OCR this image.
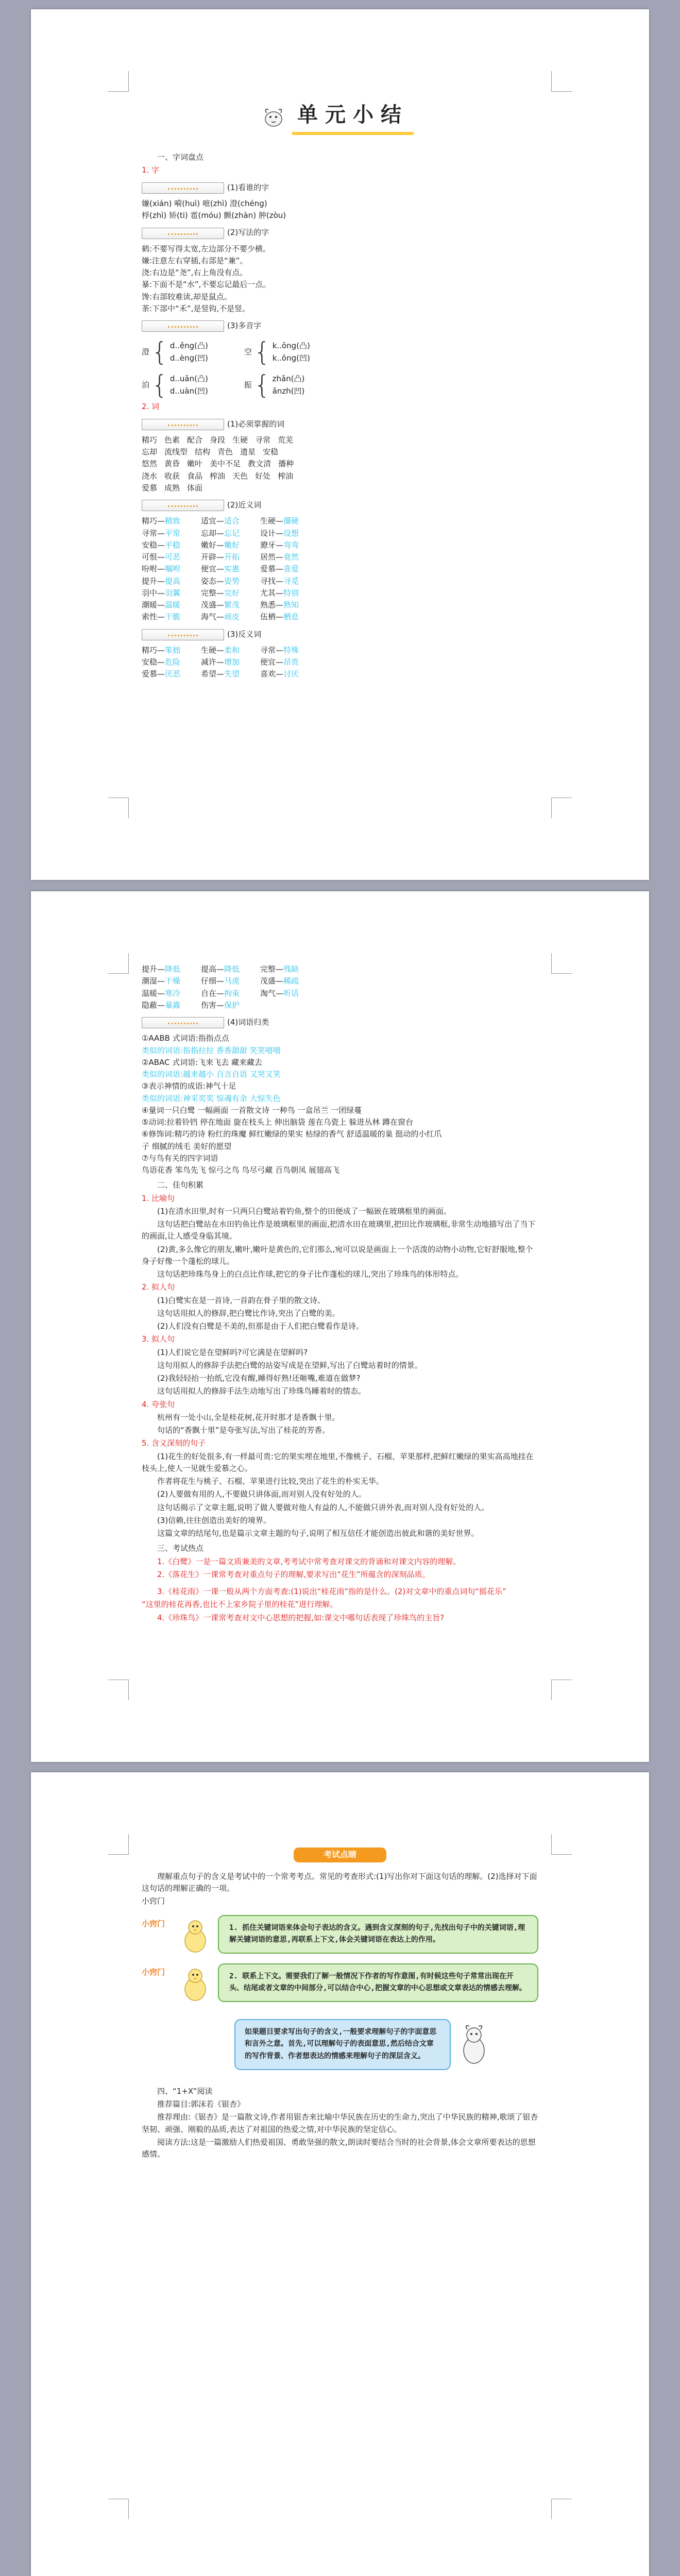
单元小结
一、字词盘点
1. 字
(1)看谁的字
嫌(xián) 嗬(huì) 嗻(zhì) 澄(chéng)
桴(zhì) 矫(ti) 雹(móu) 颤(zhàn) 肿(zòu)
(2)写法的字
鹤:不要写得太宽,左边部分不要少横。
嫌:注意左右穿插,右部是“兼”。
浇:右边是“尧”,右上角没有点。
暴:下面不是“水”,不要忘记最后一点。
馋:右部较难读,却是鼠点。
茶:下部中“禾”,是竖钩,不是竖。
(3)多音字
澄 { d..ěng(凸)
d..èng(凹)
空 { k..ōng(凸)
k..ōng(凹)
泊 { d..uān(凸)
d..uàn(凹)
振 { zhǎn(凸)
ǎnzh(凹)
2. 词
(1)必须掌握的词
精巧 色素 配合 身段 生硬 寻常 荒芜
忘却 流线型 结构 青色 遗星 安稳
悠然 黄昏 嫩叶 美中不足 教文清 播种
浇水 收获 食品 榨油 天色 好处 榨油
爱慕 成熟 体面
(2)近义词
精巧—精致	适宜—适合	生硬—僵硬
寻常—平常	忘却—忘记	设计—设想
安稳—平稳	嫩好—嫩好	獠牙—弯弯
可恨—可恶	开辟—开拓	居然—竟然
吩咐—嘱咐	便宜—实惠	爱慕—喜爱
提升—提高	姿态—姿势	寻找—寻觅
羽中—羽翼	完整—完好	尤其—特别
潮暖—温暖	茂盛—繁茂	熟悉—熟知
索性—干脆	海气—顽皮	伍栖—栖息
(3)反义词
精巧—笨拙	生硬—柔和	寻常—特殊
安稳—危险	减许—增加	便宜—昂贵
爱慕—厌恶	希望—失望	喜欢—讨厌
提升—降低	提高—降低	完整—残缺
潮湿—干燥	仔细—马虎	茂盛—稀疏
温暖—寒冷	自在—拘束	淘气—听话
隐蔽—暴露	伤害—保护
(4)词语归类
①AABB 式词语:指指点点
类似的词语:指指拉拉 香香甜甜 笑笑嘻嘻
②ABAC 式词语:飞来飞去 藏来藏去
类似的词语:越来越小 自言自语 又哭又笑
③表示神情的成语:神气十足
类似的词语:神采奕奕 惊魂有余 大惊失色
④量词一只白鹭 一幅画面 一首散文诗 一种鸟 一盒吊兰 一团绿蔓
⑤动词:拉着铃铛 停在地面 旋在枝头上 伸出脑袋 莲在乌瓷上 躲进丛林 蹲在窗台
⑥修饰词:精巧的诗 粉红的珠魔 鲜红嫩绿的果实 枯绿的香气 舒适温暖的巢 挺动的小红爪
子 细腻的绒毛 美好的愿望
⑦与鸟有关的四字词语
鸟语花香 笨鸟先飞 惊弓之鸟 鸟尽弓藏 百鸟朝凤 展翅高飞
二、佳句积累
1. 比喻句
(1)在清水田里,时有一只两只白鹭站着钓鱼,整个的田便成了一幅嵌在玻璃框里的画面。
这句话把白鹭站在水田钓鱼比作是玻璃框里的画面,把清水田在玻璃里,把田比作玻璃框,非常生动地描写出了当下的画面,让人感受身临其境。
(2)黄,多么像它的朋友,嫩叶,嫩叶是黄色的,它们那么,宛可以说是画面上一个活泼的动物小动物,它好舒服地,整个身子好像一个蓬松的球儿。
这句话把珍珠鸟身上的白点比作球,把它的身子比作蓬松的球儿,突出了珍珠鸟的体形特点。
2. 拟人句
(1)白鹭实在是一首诗,一首韵在骨子里的散文诗。
这句话用拟人的修辞,把白鹭比作诗,突出了白鹭的美。
(2)人们没有白鹭是不美的,但那是由于人们把白鹭看作是诗。
3. 拟人句
(1)人们说它是在望鲜吗?可它满是在望鲜吗?
这句用拟人的修辞手法把白鹭的站姿写成是在望鲜,写出了白鹭站着时的情景。
(2)我轻轻抬一抬纸,它没有醒,睡得好熟!还咂嘴,难道在做梦?
这句话用拟人的修辞手法生动地写出了珍珠鸟睡着时的情态。
4. 夸张句
杭州有一处小山,全是桂花树,花开时那才是香飘十里。
句话的“香飘十里”是夸张写法,写出了桂花的芳香。
5. 含义深刻的句子
(1)花生的好处很多,有一样最可贵:它的果实埋在地里,不像桃子、石榴、苹果那样,把鲜红嫩绿的果实高高地挂在枝头上,使人一见就生爱慕之心。
作者将花生与桃子、石榴、苹果进行比较,突出了花生的朴实无华。
(2)人要做有用的人,不要做只讲体面,而对别人没有好处的人。
这句话揭示了文章主题,说明了做人要做对他人有益的人,不能做只讲外表,而对别人没有好处的人。
(3)信赖,往往创造出美好的境界。
这篇文章的结尾句,也是篇示文章主题的句子,说明了相互信任才能创造出彼此和谐的美好世界。
三、考试热点
1.《白鹭》一是一篇文质兼美的文章,考考试中常考查对课文的背诵和对课文内容的理解。
2.《落花生》一课常考查对重点句子的理解,要求写出“花生”所蕴含的深刻品质。
3.《桂花雨》一课一般从两个方面考查:(1)说出“桂花雨”指的是什么。(2)对文章中的重点词句“摇花乐”
“这里的桂花再香,也比不上家乡院子里的桂花”进行理解。
4.《珍珠鸟》一课常考查对文中心思想的把握,如:课文中哪句话表现了珍珠鸟的主旨?
考试点睛
理解重点句子的含义是考试中的一个常考考点。常见的考查形式:(1)写出你对下面这句话的理解。(2)选择对下面这句话的理解正确的一项。
小窍门
小窍门	1. 抓住关键词语来体会句子表达的含义。遇到含义深刻的句子,先找出句子中的关键词语,理解关键词语的意思,再联系上下文,体会关键词语在表达上的作用。
小窍门	2. 联系上下文。需要我们了解一般情况下作者的写作意图,有时候这些句子常常出现在开头、结尾或者文章的中间部分,可以结合中心,把握文章的中心思想或文章表达的情感去理解。
如果题目要求写出句子的含义,一般要求理解句子的字面意思和言外之意。首先,可以理解句子的表面意思,然后结合文章的写作背景、作者想表达的情感来理解句子的深层含义。
四、“1+X”阅读
推荐篇目:郭沫若《银杏》
推荐理由:《银杏》是一篇散文诗,作者用银杏来比喻中华民族在历史的生命力,突出了中华民族的精神,歌颂了银杏坚韧、顽强、刚毅的品质,表达了对祖国的热爱之情,对中华民族的坚定信心。
阅读方法:这是一篇激励人们热爱祖国、勇敢坚强的散文,朗读时要结合当时的社会背景,体会文章所要表达的思想感情。
